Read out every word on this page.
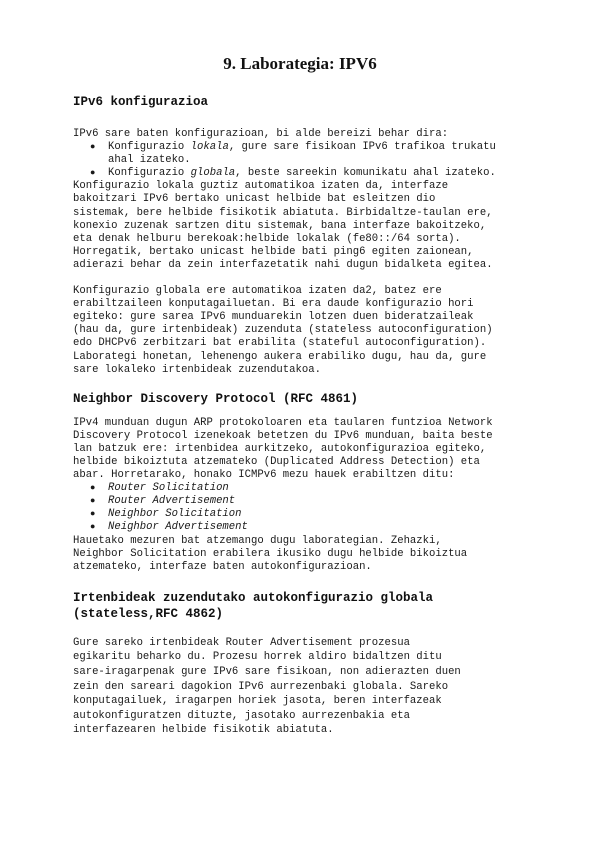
9. Laborategia: IPV6
IPv6 konfigurazioa

IPv6 sare baten konfigurazioan, bi alde bereizi behar dira:

● Konfigurazio lokala, gure sare fisikoan IPv6 trafikoa trukatu
ahal izateko.
● Konfigurazio globala, beste sareekin komunikatu ahal izateko.

Konfigurazio lokala guztiz automatikoa izaten da, interfaze
bakoitzari IPv6 bertako unicast helbide bat esleitzen dio
sistemak, bere helbide fisikotik abiatuta. Birbidaltze-taulan ere,
konexio zuzenak sartzen ditu sistemak, bana interfaze bakoitzeko,
eta denak helburu berekoak:helbide lokalak (fe80::/64 sorta).
Horregatik, bertako unicast helbide bati ping6 egiten zaionean,
adierazi behar da zein interfazetatik nahi dugun bidalketa egitea.

Konfigurazio globala ere automatikoa izaten da2, batez ere
erabiltzaileen konputagailuetan. Bi era daude konfigurazio hori
egiteko: gure sarea IPv6 munduarekin lotzen duen bideratzaileak
(hau da, gure irtenbideak) zuzenduta (stateless autoconfiguration)
edo DHCPv6 zerbitzari bat erabilita (stateful autoconfiguration).
Laborategi honetan, lehenengo aukera erabiliko dugu, hau da, gure
sare lokaleko irtenbideak zuzendutakoa.

Neighbor Discovery Protocol (RFC 4861)

IPv4 munduan dugun ARP protokoloaren eta taularen funtzioa Network
Discovery Protocol izenekoak betetzen du IPv6 munduan, baita beste
lan batzuk ere: irtenbidea aurkitzeko, autokonfigurazioa egiteko,
helbide bikoiztuta atzemateko (Duplicated Address Detection) eta
abar. Horretarako, honako ICMPv6 mezu hauek erabiltzen ditu:

● Router Solicitation
● Router Advertisement
● Neighbor Solicitation
● Neighbor Advertisement

Hauetako mezuren bat atzemango dugu laborategian. Zehazki,
Neighbor Solicitation erabilera ikusiko dugu helbide bikoiztua
atzemateko, interfaze baten autokonfigurazioan.

Irtenbideak zuzendutako autokonfigurazio globala
(stateless,RFC 4862)

Gure sareko irtenbideak Router Advertisement prozesua
egikaritu beharko du. Prozesu horrek aldiro bidaltzen ditu
sare-iragarpenak gure IPv6 sare fisikoan, non adierazten duen
zein den sareari dagokion IPv6 aurrezenbaki globala. Sareko
konputagailuek, iragarpen horiek jasota, beren interfazeak
autokonfiguratzen dituzte, jasotako aurrezenbakia eta
interfazearen helbide fisikotik abiatuta.
